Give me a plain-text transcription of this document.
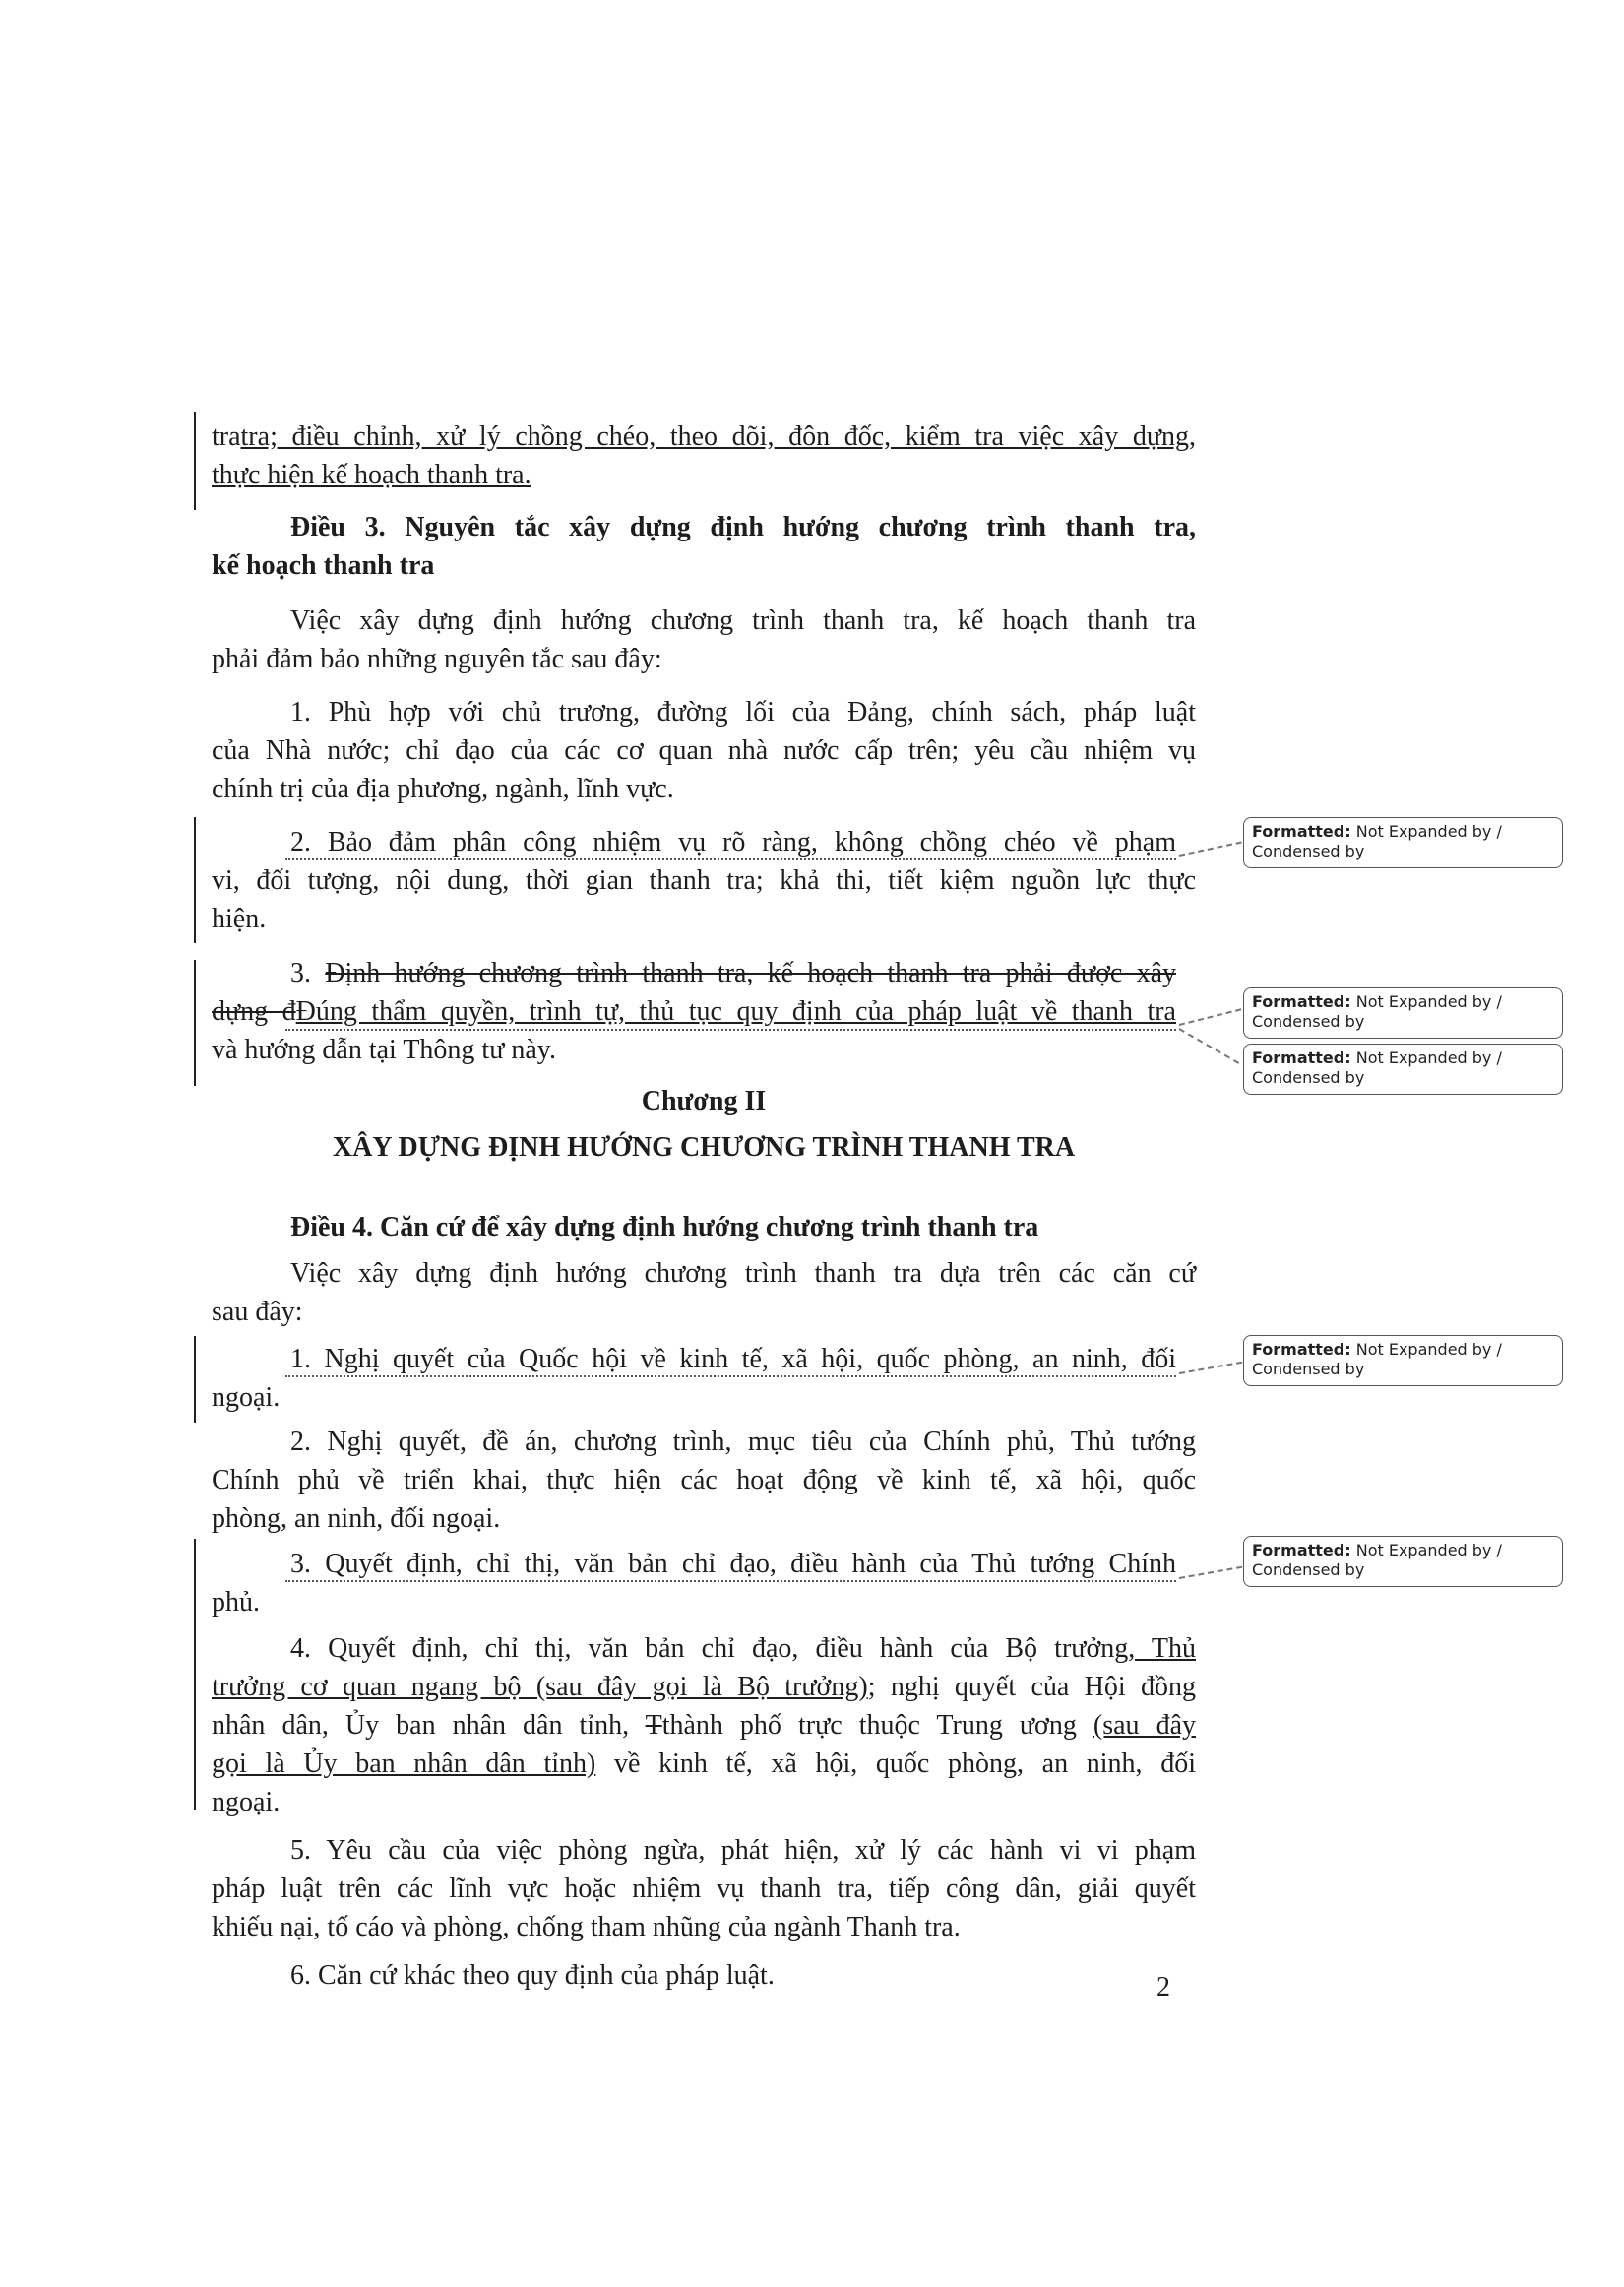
tratra; điều chỉnh, xử lý chồng chéo, theo dõi, đôn đốc, kiểm tra việc xây dựng,
thực hiện kế hoạch thanh tra.
Điều 3. Nguyên tắc xây dựng định hướng chương trình thanh tra,
kế hoạch thanh tra
Việc xây dựng định hướng chương trình thanh tra, kế hoạch thanh tra
phải đảm bảo những nguyên tắc sau đây:
1. Phù hợp với chủ trương, đường lối của Đảng, chính sách, pháp luật
của Nhà nước; chỉ đạo của các cơ quan nhà nước cấp trên; yêu cầu nhiệm vụ
chính trị của địa phương, ngành, lĩnh vực.
2. Bảo đảm phân công nhiệm vụ rõ ràng, không chồng chéo về phạm
vi, đối tượng, nội dung, thời gian thanh tra; khả thi, tiết kiệm nguồn lực thực
hiện.
3. Định hướng chương trình thanh tra, kế hoạch thanh tra phải được xây
dựng đĐúng thẩm quyền, trình tự, thủ tục quy định của pháp luật về thanh tra
và hướng dẫn tại Thông tư này.
Chương II
XÂY DỰNG ĐỊNH HƯỚNG CHƯƠNG TRÌNH THANH TRA
Điều 4. Căn cứ để xây dựng định hướng chương trình thanh tra
Việc xây dựng định hướng chương trình thanh tra dựa trên các căn cứ
sau đây:
1. Nghị quyết của Quốc hội về kinh tế, xã hội, quốc phòng, an ninh, đối
ngoại.
2. Nghị quyết, đề án, chương trình, mục tiêu của Chính phủ, Thủ tướng
Chính phủ về triển khai, thực hiện các hoạt động về kinh tế, xã hội, quốc
phòng, an ninh, đối ngoại.
3. Quyết định, chỉ thị, văn bản chỉ đạo, điều hành của Thủ tướng Chính
phủ.
4. Quyết định, chỉ thị, văn bản chỉ đạo, điều hành của Bộ trưởng, Thủ
trưởng cơ quan ngang bộ (sau đây gọi là Bộ trưởng); nghị quyết của Hội đồng
nhân dân, Ủy ban nhân dân tỉnh, Tthành phố trực thuộc Trung ương (sau đây
gọi là Ủy ban nhân dân tỉnh) về kinh tế, xã hội, quốc phòng, an ninh, đối
ngoại.
5. Yêu cầu của việc phòng ngừa, phát hiện, xử lý các hành vi vi phạm
pháp luật trên các lĩnh vực hoặc nhiệm vụ thanh tra, tiếp công dân, giải quyết
khiếu nại, tố cáo và phòng, chống tham nhũng của ngành Thanh tra.
6. Căn cứ khác theo quy định của pháp luật.	2
Formatted: Not Expanded by / Condensed by
Formatted: Not Expanded by / Condensed by
Formatted: Not Expanded by / Condensed by
Formatted: Not Expanded by / Condensed by
Formatted: Not Expanded by / Condensed by
